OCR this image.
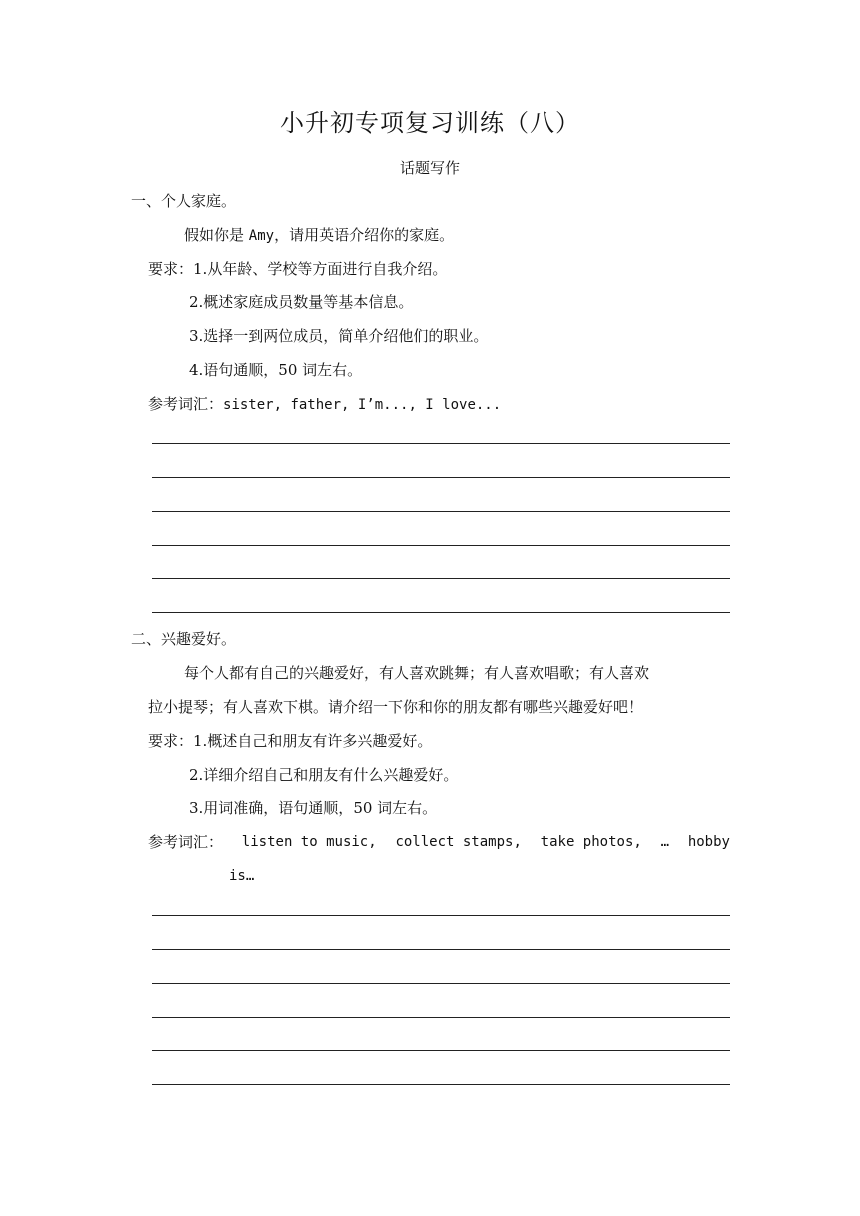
小升初专项复习训练（八）
话题写作
一、个人家庭。
假如你是 Amy，请用英语介绍你的家庭。
要求：1.从年龄、学校等方面进行自我介绍。
2.概述家庭成员数量等基本信息。
3.选择一到两位成员，简单介绍他们的职业。
4.语句通顺，50 词左右。
参考词汇：sister, father, I’m..., I love...
二、兴趣爱好。
每个人都有自己的兴趣爱好，有人喜欢跳舞；有人喜欢唱歌；有人喜欢
拉小提琴；有人喜欢下棋。请介绍一下你和你的朋友都有哪些兴趣爱好吧！
要求：1.概述自己和朋友有许多兴趣爱好。
2.详细介绍自己和朋友有什么兴趣爱好。
3.用词准确，语句通顺，50 词左右。
参考词汇： listen to music, collect stamps, take photos, … hobby
is…
